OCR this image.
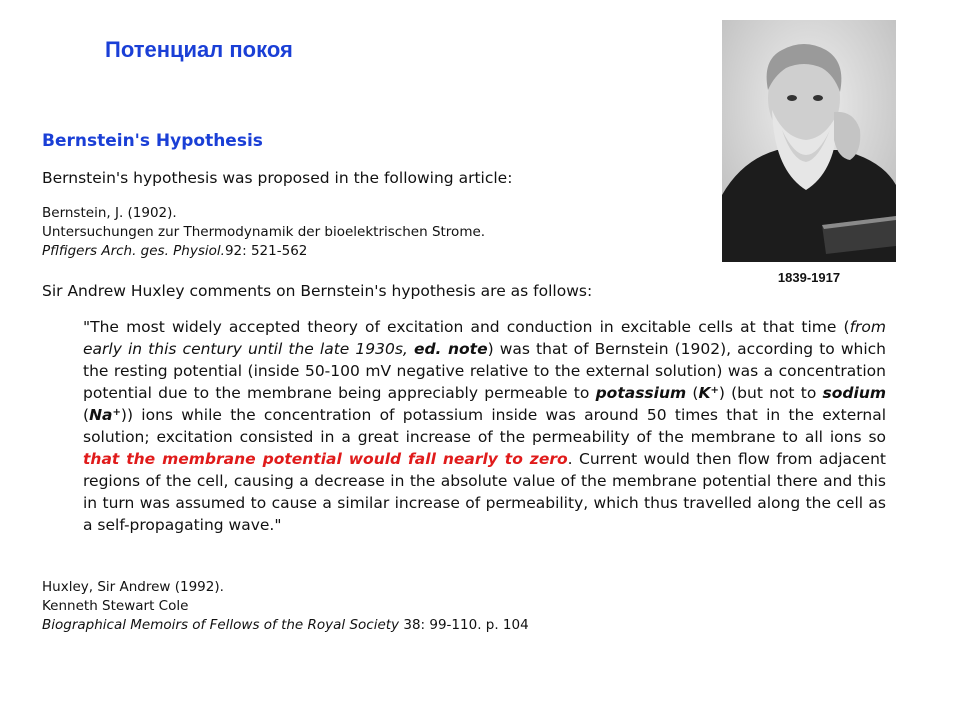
Потенциал покоя

1839-1917

Bernstein's Hypothesis

Bernstein's hypothesis was proposed in the following article:

Bernstein, J. (1902).

Untersuchungen zur Thermodynamik der bioelektrischen Strome.

Pflfigers Arch. ges. Physiol.92: 521-562

Sir Andrew Huxley comments on Bernstein's hypothesis are as follows:

"The most widely accepted theory of excitation and conduction in excitable cells at that time (from early in this century until the late 1930s, ed. note) was that of Bernstein (1902), according to which the resting potential (inside 50-100 mV negative relative to the external solution) was a concentration potential due to the membrane being appreciably permeable to potassium (K+) (but not to sodium (Na+)) ions while the concentration of potassium inside was around 50 times that in the external solution; excitation consisted in a great increase of the permeability of the membrane to all ions so that the membrane potential would fall nearly to zero. Current would then flow from adjacent regions of the cell, causing a decrease in the absolute value of the membrane potential there and this in turn was assumed to cause a similar increase of permeability, which thus travelled along the cell as a self-propagating wave."

Huxley, Sir Andrew (1992).

Kenneth Stewart Cole

Biographical Memoirs of Fellows of the Royal Society 38: 99-110. p. 104
